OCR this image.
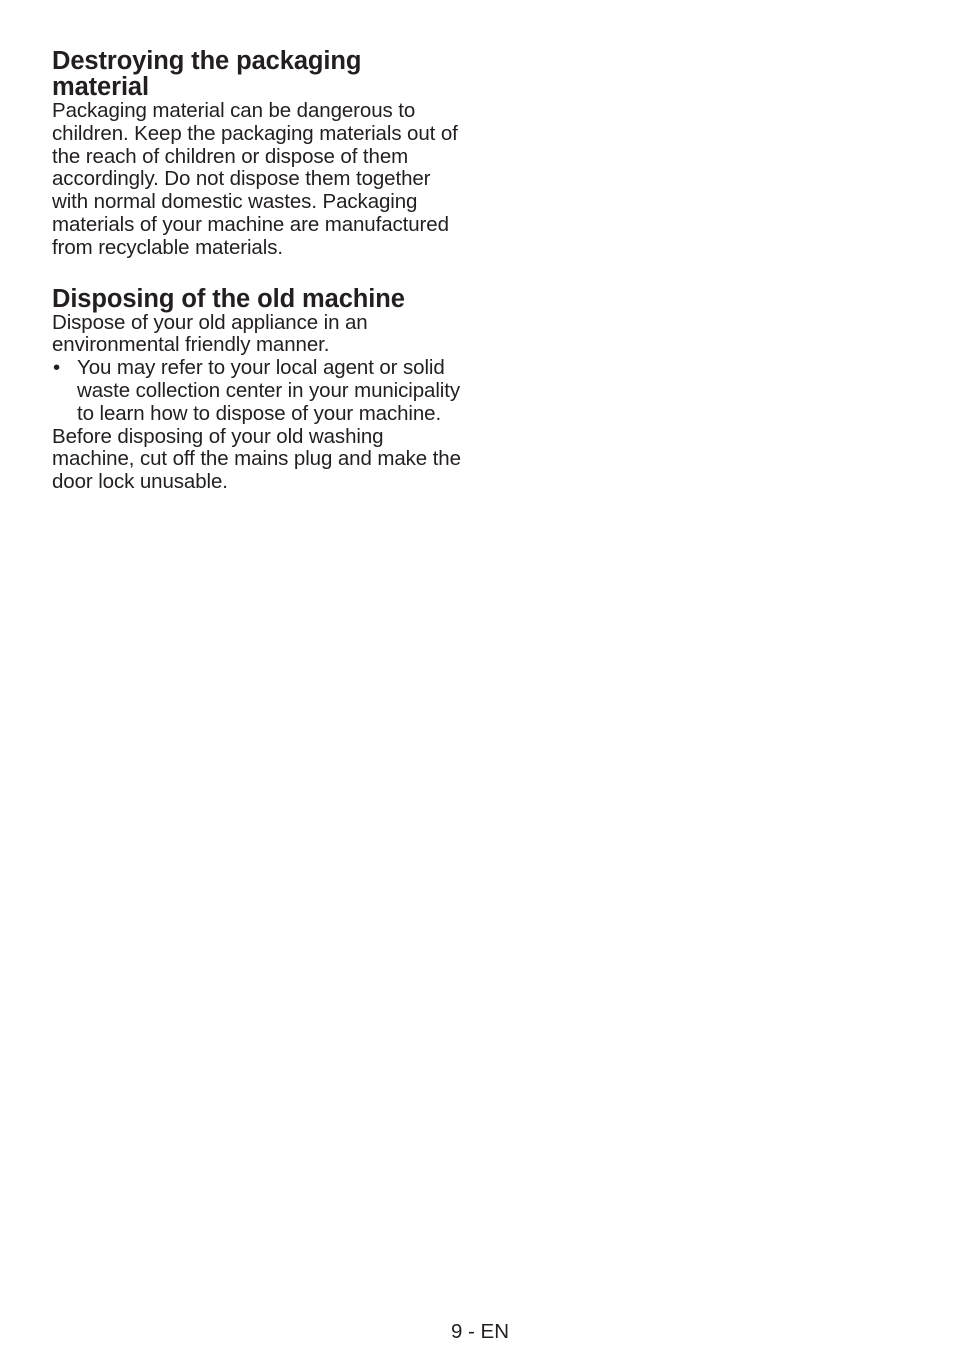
Destroying the packaging material

Packaging material can be dangerous to children. Keep the packaging materials out of the reach of children or dispose of them accordingly. Do not dispose them together with normal domestic wastes. Packaging materials of your machine are manufactured from recyclable materials.

Disposing of the old machine

Dispose of your old appliance in an environmental friendly manner.

• You may refer to your local agent or solid waste collection center in your municipality to learn how to dispose of your machine.

Before disposing of your old washing machine, cut off the mains plug and make the door lock unusable.

9 - EN
